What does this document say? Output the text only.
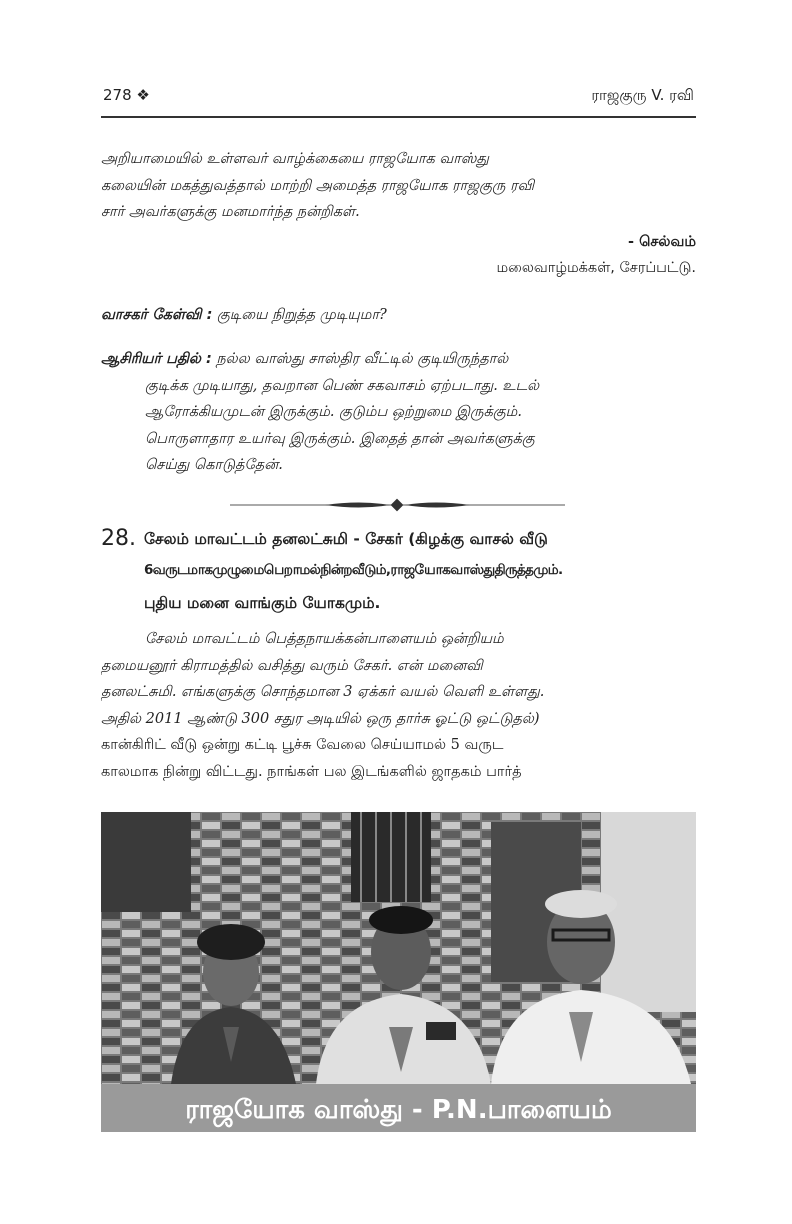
278 ❖	ராஜகுரு V. ரவி
அறியாமையில் உள்ளவர் வாழ்க்கையை ராஜயோக வாஸ்து
கலையின் மகத்துவத்தால் மாற்றி அமைத்த ராஜயோக ராஜகுரு ரவி
சார் அவர்களுக்கு மனமார்ந்த நன்றிகள்.
- செல்வம்
மலைவாழ்மக்கள், சேரப்பட்டு.
வாசகர் கேள்வி : குடியை நிறுத்த முடியுமா?
ஆசிரியர் பதில் : நல்ல வாஸ்து சாஸ்திர வீட்டில் குடியிருந்தால்
குடிக்க முடியாது, தவறான பெண் சகவாசம் ஏற்படாது. உடல்
ஆரோக்கியமுடன் இருக்கும். குடும்ப ஒற்றுமை இருக்கும்.
பொருளாதார உயர்வு இருக்கும். இதைத் தான் அவர்களுக்கு
செய்து கொடுத்தேன்.
28. சேலம் மாவட்டம் தனலட்சுமி - சேகர் (கிழக்கு வாசல் வீடு
6வருடமாகமுழுமைபெறாமல்நின்றவீடும்,ராஜயோகவாஸ்துதிருத்தமும்.
புதிய மனை வாங்கும் யோகமும்.
சேலம் மாவட்டம் பெத்தநாயக்கன்பாளையம் ஒன்றியம்
தமையனூர் கிராமத்தில் வசித்து வரும் சேகர். என் மனைவி
தனலட்சுமி. எங்களுக்கு சொந்தமான 3 ஏக்கர் வயல் வெளி உள்ளது.
அதில் 2011 ஆண்டு 300 சதுர அடியில் ஒரு தார்சு ஓட்டு ஒட்டுதல்)
கான்கிரிட் வீடு ஒன்று கட்டி பூச்சு வேலை செய்யாமல் 5 வருட
காலமாக நின்று விட்டது. நாங்கள் பல இடங்களில் ஜாதகம் பார்த்
ராஜயோக வாஸ்து - P.N.பாளையம்
